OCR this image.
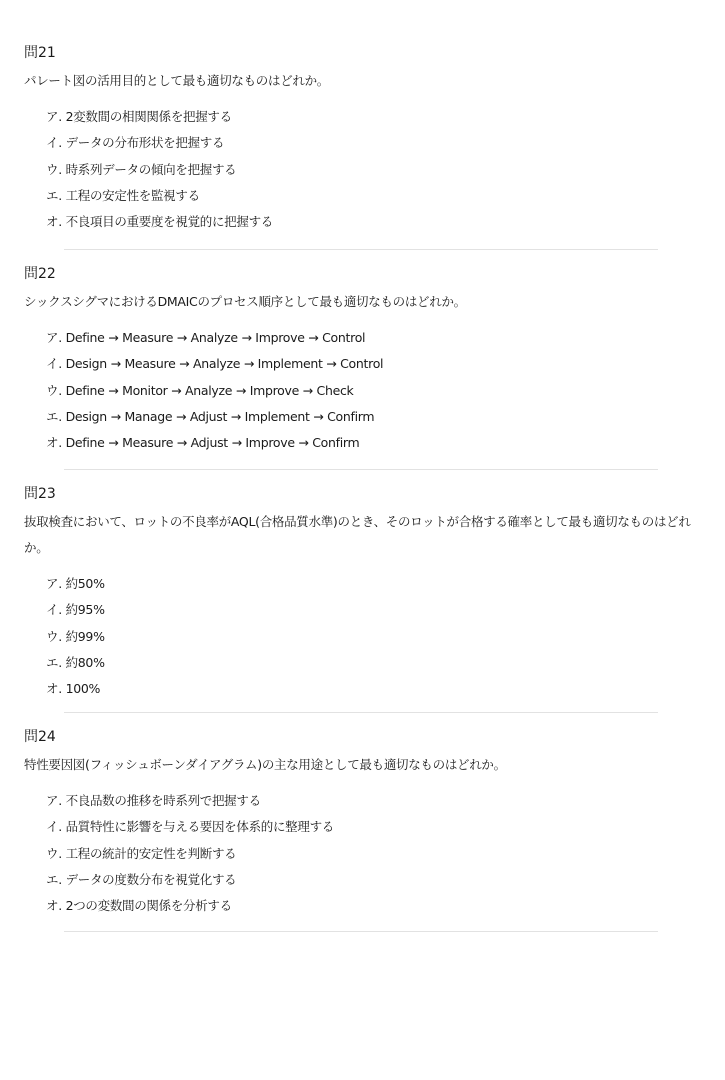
問21

パレート図の活用目的として最も適切なものはどれか。

ア. 2変数間の相関関係を把握する
イ. データの分布形状を把握する
ウ. 時系列データの傾向を把握する
エ. 工程の安定性を監視する
オ. 不良項目の重要度を視覚的に把握する
問22

シックスシグマにおけるDMAICのプロセス順序として最も適切なものはどれか。

ア. Define → Measure → Analyze → Improve → Control
イ. Design → Measure → Analyze → Implement → Control
ウ. Define → Monitor → Analyze → Improve → Check
エ. Design → Manage → Adjust → Implement → Confirm
オ. Define → Measure → Adjust → Improve → Confirm
問23

抜取検査において、ロットの不良率がAQL(合格品質水準)のとき、そのロットが合格する確率として最も適切なものはどれか。

ア. 約50%
イ. 約95%
ウ. 約99%
エ. 約80%
オ. 100%
問24

特性要因図(フィッシュボーンダイアグラム)の主な用途として最も適切なものはどれか。

ア. 不良品数の推移を時系列で把握する
イ. 品質特性に影響を与える要因を体系的に整理する
ウ. 工程の統計的安定性を判断する
エ. データの度数分布を視覚化する
オ. 2つの変数間の関係を分析する
